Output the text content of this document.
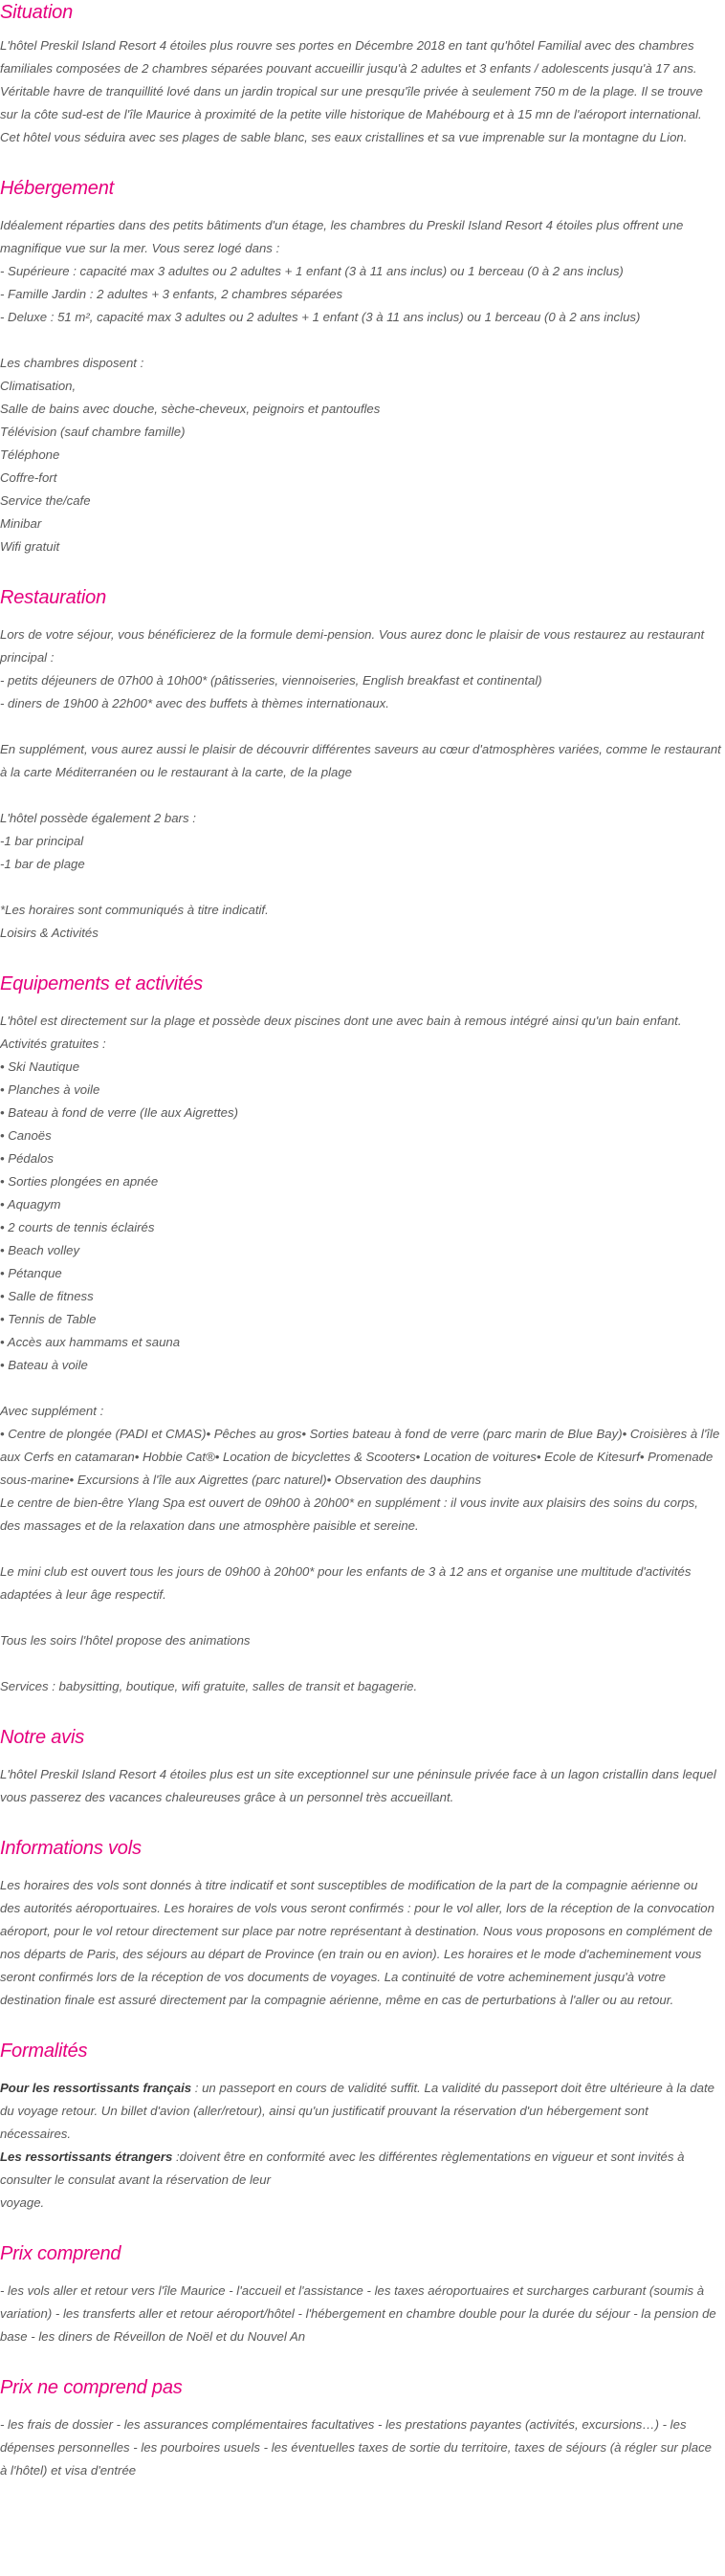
Situation
L'hôtel Preskil Island Resort 4 étoiles plus rouvre ses portes en Décembre 2018 en tant qu'hôtel Familial avec des chambres familiales composées de 2 chambres séparées pouvant accueillir jusqu'à 2 adultes et 3 enfants / adolescents jusqu'à 17 ans.
Véritable havre de tranquillité lové dans un jardin tropical sur une presqu'île privée à seulement 750 m de la plage. Il se trouve sur la côte sud-est de l'île Maurice à proximité de la petite ville historique de Mahébourg et à 15 mn de l'aéroport international. Cet hôtel vous séduira avec ses plages de sable blanc, ses eaux cristallines et sa vue imprenable sur la montagne du Lion.
Hébergement
Idéalement réparties dans des petits bâtiments d'un étage, les chambres du Preskil Island Resort 4 étoiles plus offrent une magnifique vue sur la mer. Vous serez logé dans :
- Supérieure : capacité max 3 adultes ou 2 adultes + 1 enfant (3 à 11 ans inclus) ou 1 berceau (0 à 2 ans inclus)
- Famille Jardin : 2 adultes + 3 enfants, 2 chambres séparées
- Deluxe : 51 m², capacité max 3 adultes ou 2 adultes + 1 enfant (3 à 11 ans inclus) ou 1 berceau (0 à 2 ans inclus)
Les chambres disposent :
Climatisation,
Salle de bains avec douche, sèche-cheveux, peignoirs et pantoufles
Télévision (sauf chambre famille)
Téléphone
Coffre-fort
Service the/cafe
Minibar
Wifi gratuit
Restauration
Lors de votre séjour, vous bénéficierez de la formule demi-pension. Vous aurez donc le plaisir de vous restaurez au restaurant principal :
- petits déjeuners de 07h00 à 10h00* (pâtisseries, viennoiseries, English breakfast et continental)
- diners de 19h00 à 22h00* avec des buffets à thèmes internationaux.
En supplément, vous aurez aussi le plaisir de découvrir différentes saveurs au cœur d'atmosphères variées, comme le restaurant à la carte Méditerranéen ou le restaurant à la carte, de la plage
L'hôtel possède également 2 bars :
-1 bar principal
-1 bar de plage
*Les horaires sont communiqués à titre indicatif.
Loisirs & Activités
Equipements et activités
L'hôtel est directement sur la plage et possède deux piscines dont une avec bain à remous intégré ainsi qu'un bain enfant.
Activités gratuites :
• Ski Nautique
• Planches à voile
• Bateau à fond de verre (Ile aux Aigrettes)
• Canoës
• Pédalos
• Sorties plongées en apnée
• Aquagym
• 2 courts de tennis éclairés
• Beach volley
• Pétanque
• Salle de fitness
• Tennis de Table
• Accès aux hammams et sauna
• Bateau à voile
Avec supplément :
• Centre de plongée (PADI et CMAS)• Pêches au gros• Sorties bateau à fond de verre (parc marin de Blue Bay)• Croisières à l'île aux Cerfs en catamaran• Hobbie Cat®• Location de bicyclettes & Scooters• Location de voitures• Ecole de Kitesurf• Promenade sous-marine• Excursions à l'île aux Aigrettes (parc naturel)• Observation des dauphins
Le centre de bien-être Ylang Spa est ouvert de 09h00 à 20h00* en supplément : il vous invite aux plaisirs des soins du corps, des massages et de la relaxation dans une atmosphère paisible et sereine.
Le mini club est ouvert tous les jours de 09h00 à 20h00* pour les enfants de 3 à 12 ans et organise une multitude d'activités adaptées à leur âge respectif.
Tous les soirs l'hôtel propose des animations
Services : babysitting, boutique, wifi gratuite, salles de transit et bagagerie.
Notre avis
L'hôtel Preskil Island Resort 4 étoiles plus est un site exceptionnel sur une péninsule privée face à un lagon cristallin dans lequel vous passerez des vacances chaleureuses grâce à un personnel très accueillant.
Informations vols
Les horaires des vols sont donnés à titre indicatif et sont susceptibles de modification de la part de la compagnie aérienne ou des autorités aéroportuaires. Les horaires de vols vous seront confirmés : pour le vol aller, lors de la réception de la convocation aéroport, pour le vol retour directement sur place par notre représentant à destination. Nous vous proposons en complément de nos départs de Paris, des séjours au départ de Province (en train ou en avion). Les horaires et le mode d'acheminement vous seront confirmés lors de la réception de vos documents de voyages. La continuité de votre acheminement jusqu'à votre destination finale est assuré directement par la compagnie aérienne, même en cas de perturbations à l'aller ou au retour.
Formalités
Pour les ressortissants français : un passeport en cours de validité suffit. La validité du passeport doit être ultérieure à la date du voyage retour. Un billet d'avion (aller/retour), ainsi qu'un justificatif prouvant la réservation d'un hébergement sont nécessaires.
Les ressortissants étrangers :doivent être en conformité avec les différentes règlementations en vigueur et sont invités à consulter le consulat avant la réservation de leur
voyage.
Prix comprend
- les vols aller et retour vers l'île Maurice - l'accueil et l'assistance - les taxes aéroportuaires et surcharges carburant (soumis à variation) - les transferts aller et retour aéroport/hôtel - l'hébergement en chambre double pour la durée du séjour - la pension de base - les diners de Réveillon de Noël et du Nouvel An
Prix ne comprend pas
- les frais de dossier - les assurances complémentaires facultatives - les prestations payantes (activités, excursions…) - les dépenses personnelles - les pourboires usuels - les éventuelles taxes de sortie du territoire, taxes de séjours (à régler sur place à l'hôtel) et visa d'entrée
